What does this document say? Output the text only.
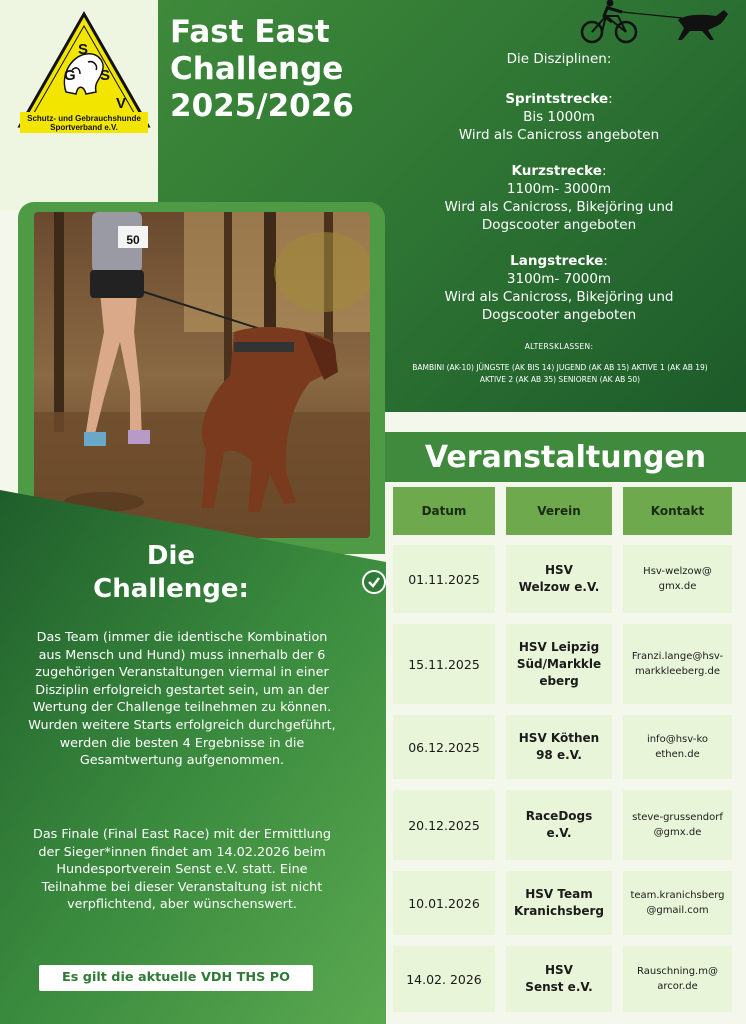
S
G S
V
Schutz- und Gebrauchshunde
Sportverband e.V.
Fast East
Challenge
2025/2026
Die Disziplinen:
Sprintstrecke:
Bis 1000m
Wird als Canicross angeboten
Kurzstrecke:
1100m- 3000m
Wird als Canicross, Bikejöring und Dogscooter angeboten
Langstrecke:
3100m- 7000m
Wird als Canicross, Bikejöring und Dogscooter angeboten
ALTERSKLASSEN:
BAMBINI (AK-10) JÜNGSTE (AK BIS 14) JUGEND (AK AB 15) AKTIVE 1 (AK AB 19) AKTIVE 2 (AK AB 35) SENIOREN (AK AB 50)
50
Die
Challenge:
Das Team (immer die identische Kombination aus Mensch und Hund) muss innerhalb der 6 zugehörigen Veranstaltungen viermal in einer Disziplin erfolgreich gestartet sein, um an der Wertung der Challenge teilnehmen zu können. Wurden weitere Starts erfolgreich durchgeführt, werden die besten 4 Ergebnisse in die Gesamtwertung aufgenommen.
Das Finale (Final East Race) mit der Ermittlung der Sieger*innen findet am 14.02.2026 beim Hundesportverein Senst e.V. statt. Eine Teilnahme bei dieser Veranstaltung ist nicht verpflichtend, aber wünschenswert.
Es gilt die aktuelle VDH THS PO
Veranstaltungen
Datum	Verein	Kontakt
01.11.2025
HSV Welzow e.V.
Hsv-welzow@gmx.de
15.11.2025
HSV Leipzig Süd/Markkleeberg
Franzi.lange@hsv-markkleeberg.de
06.12.2025
HSV Köthen 98 e.V.
info@hsv-koethen.de
20.12.2025
RaceDogs e.V.
steve-grussendorf@gmx.de
10.01.2026
HSV Team Kranichsberg
team.kranichsberg@gmail.com
14.02. 2026
HSV Senst e.V.
Rauschning.m@arcor.de
